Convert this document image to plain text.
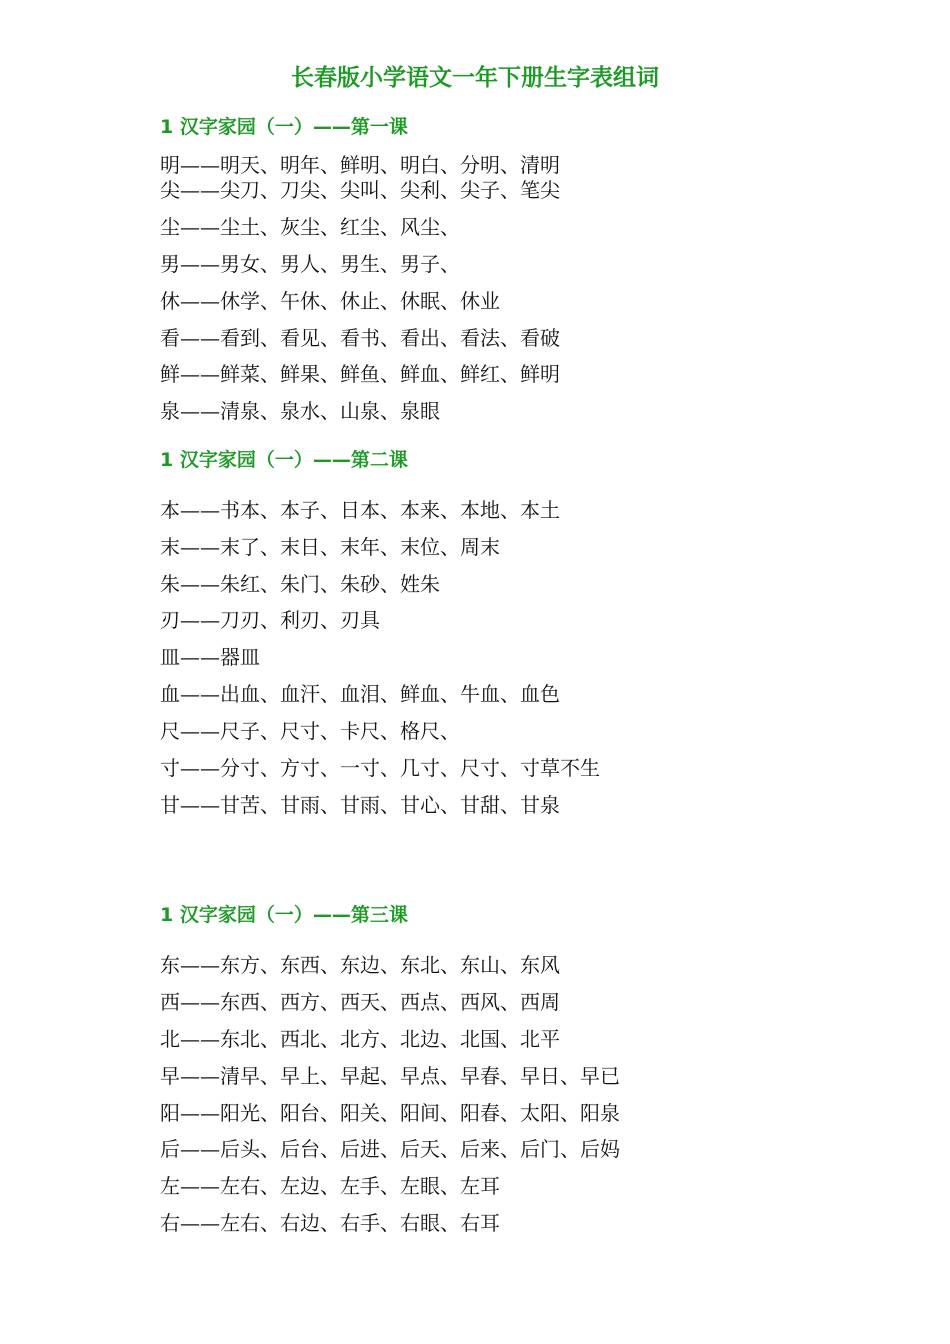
长春版小学语文一年下册生字表组词
1 汉字家园（一）——第一课
明——明天、明年、鲜明、明白、分明、清明
尖——尖刀、刀尖、尖叫、尖利、尖子、笔尖
尘——尘土、灰尘、红尘、风尘、
男——男女、男人、男生、男子、
休——休学、午休、休止、休眠、休业
看——看到、看见、看书、看出、看法、看破
鲜——鲜菜、鲜果、鲜鱼、鲜血、鲜红、鲜明
泉——清泉、泉水、山泉、泉眼
1 汉字家园（一）——第二课
本——书本、本子、日本、本来、本地、本土
末——末了、末日、末年、末位、周末
朱——朱红、朱门、朱砂、姓朱
刃——刀刃、利刃、刃具
皿——器皿
血——出血、血汗、血泪、鲜血、牛血、血色
尺——尺子、尺寸、卡尺、格尺、
寸——分寸、方寸、一寸、几寸、尺寸、寸草不生
甘——甘苦、甘雨、甘雨、甘心、甘甜、甘泉
1 汉字家园（一）——第三课
东——东方、东西、东边、东北、东山、东风
西——东西、西方、西天、西点、西风、西周
北——东北、西北、北方、北边、北国、北平
早——清早、早上、早起、早点、早春、早日、早已
阳——阳光、阳台、阳关、阳间、阳春、太阳、阳泉
后——后头、后台、后进、后天、后来、后门、后妈
左——左右、左边、左手、左眼、左耳
右——左右、右边、右手、右眼、右耳
